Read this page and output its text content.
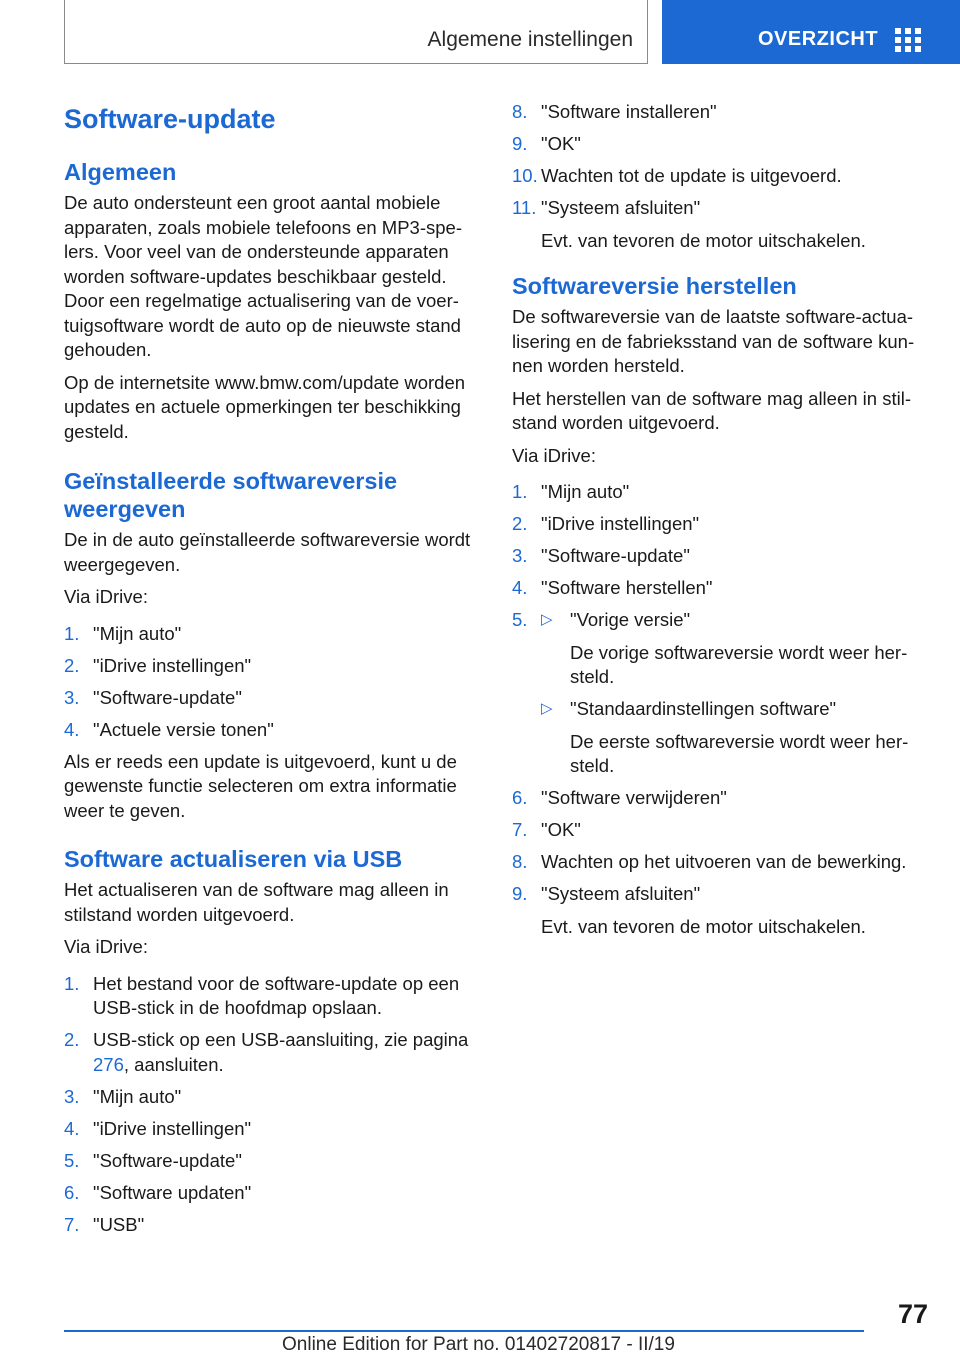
Algemene instellingen	OVERZICHT
Software-update
Algemeen

De auto ondersteunt een groot aantal mobiele apparaten, zoals mobiele telefoons en MP3-spelers. Voor veel van de ondersteunde apparaten worden software-updates beschikbaar gesteld. Door een regelmatige actualisering van de voertuigsoftware wordt de auto op de nieuwste stand gehouden.

Op de internetsite www.bmw.com/update worden updates en actuele opmerkingen ter beschikking gesteld.

Geïnstalleerde softwareversie weergeven

De in de auto geïnstalleerde softwareversie wordt weergegeven.

Via iDrive:

1. "Mijn auto"
2. "iDrive instellingen"
3. "Software-update"
4. "Actuele versie tonen"

Als er reeds een update is uitgevoerd, kunt u de gewenste functie selecteren om extra informatie weer te geven.

Software actualiseren via USB

Het actualiseren van de software mag alleen in stilstand worden uitgevoerd.

Via iDrive:

1. Het bestand voor de software-update op een USB-stick in de hoofdmap opslaan.
2. USB-stick op een USB-aansluiting, zie pagina 276, aansluiten.
3. "Mijn auto"
4. "iDrive instellingen"
5. "Software-update"
6. "Software updaten"
7. "USB"
8. "Software installeren"
9. "OK"
10. Wachten tot de update is uitgevoerd.
11. "Systeem afsluiten"
Evt. van tevoren de motor uitschakelen.
Softwareversie herstellen

De softwareversie van de laatste software-actualisering en de fabrieksstand van de software kunnen worden hersteld.

Het herstellen van de software mag alleen in stilstand worden uitgevoerd.

Via iDrive:

1. "Mijn auto"
2. "iDrive instellingen"
3. "Software-update"
4. "Software herstellen"
5. ▷ "Vorige versie"
De vorige softwareversie wordt weer hersteld.
▷ "Standaardinstellingen software"
De eerste softwareversie wordt weer hersteld.
6. "Software verwijderen"
7. "OK"
8. Wachten op het uitvoeren van de bewerking.
9. "Systeem afsluiten"
Evt. van tevoren de motor uitschakelen.
77
Online Edition for Part no. 01402720817 - II/19
